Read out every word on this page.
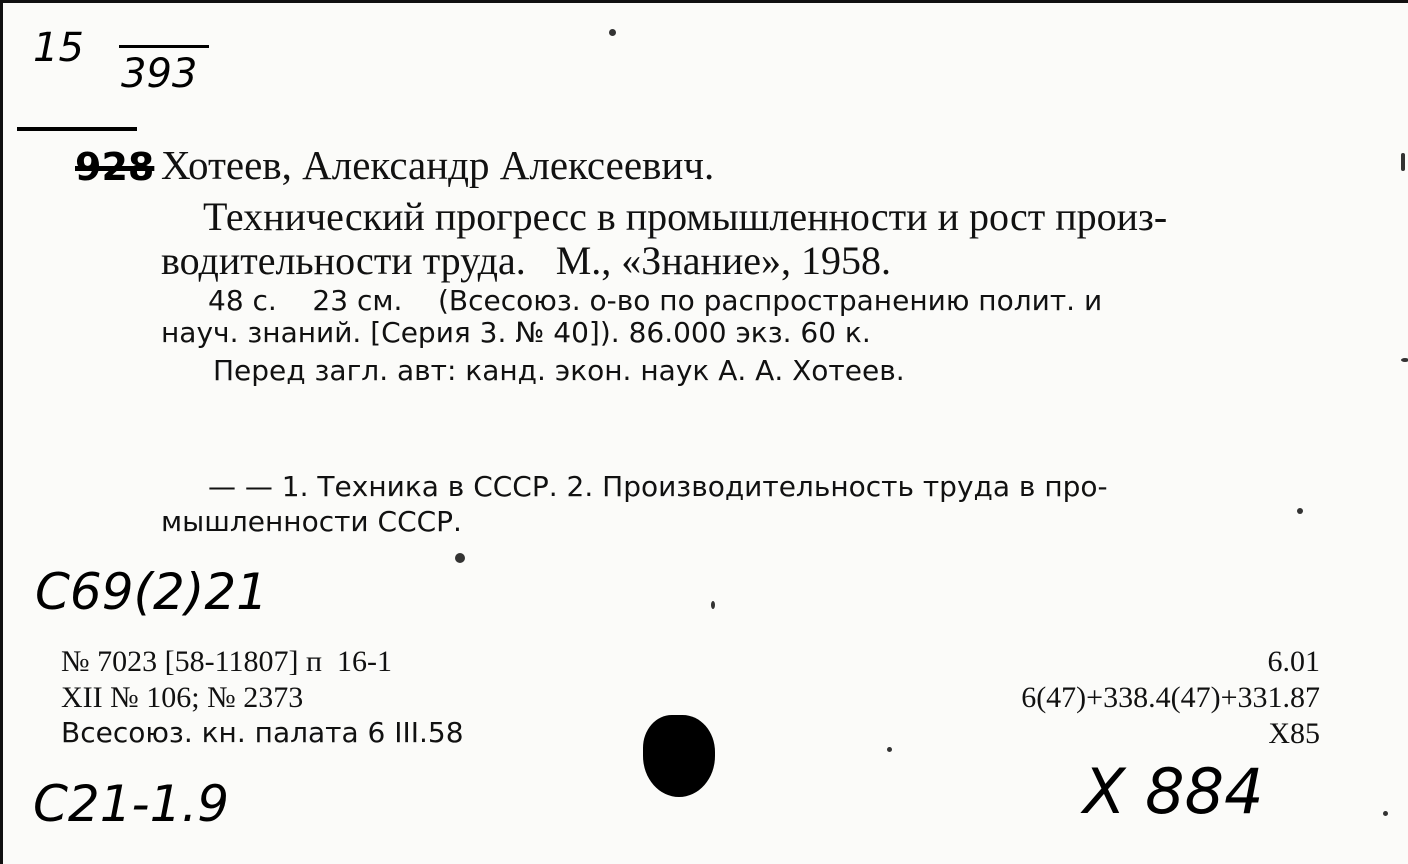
15
393
928 Хотеев, Александр Алексеевич.
Технический прогресс в промышленности и рост произ-
водительности труда.   М., «Знание», 1958.
48 с.    23 см.    (Всесоюз. о-во по распространению полит. и
науч. знаний. [Серия 3. № 40]). 86.000 экз. 60 к.
Перед загл. авт: канд. экон. наук А. А. Хотеев.
— — 1. Техника в СССР. 2. Производительность труда в про-
мышленности СССР.
С69(2)21
№ 7023 [58-11807] п  16-1
XII № 106; № 2373
Всесоюз. кн. палата 6 III.58
6.01
6(47)+338.4(47)+331.87
Х85
С21-1.9	Х 884
